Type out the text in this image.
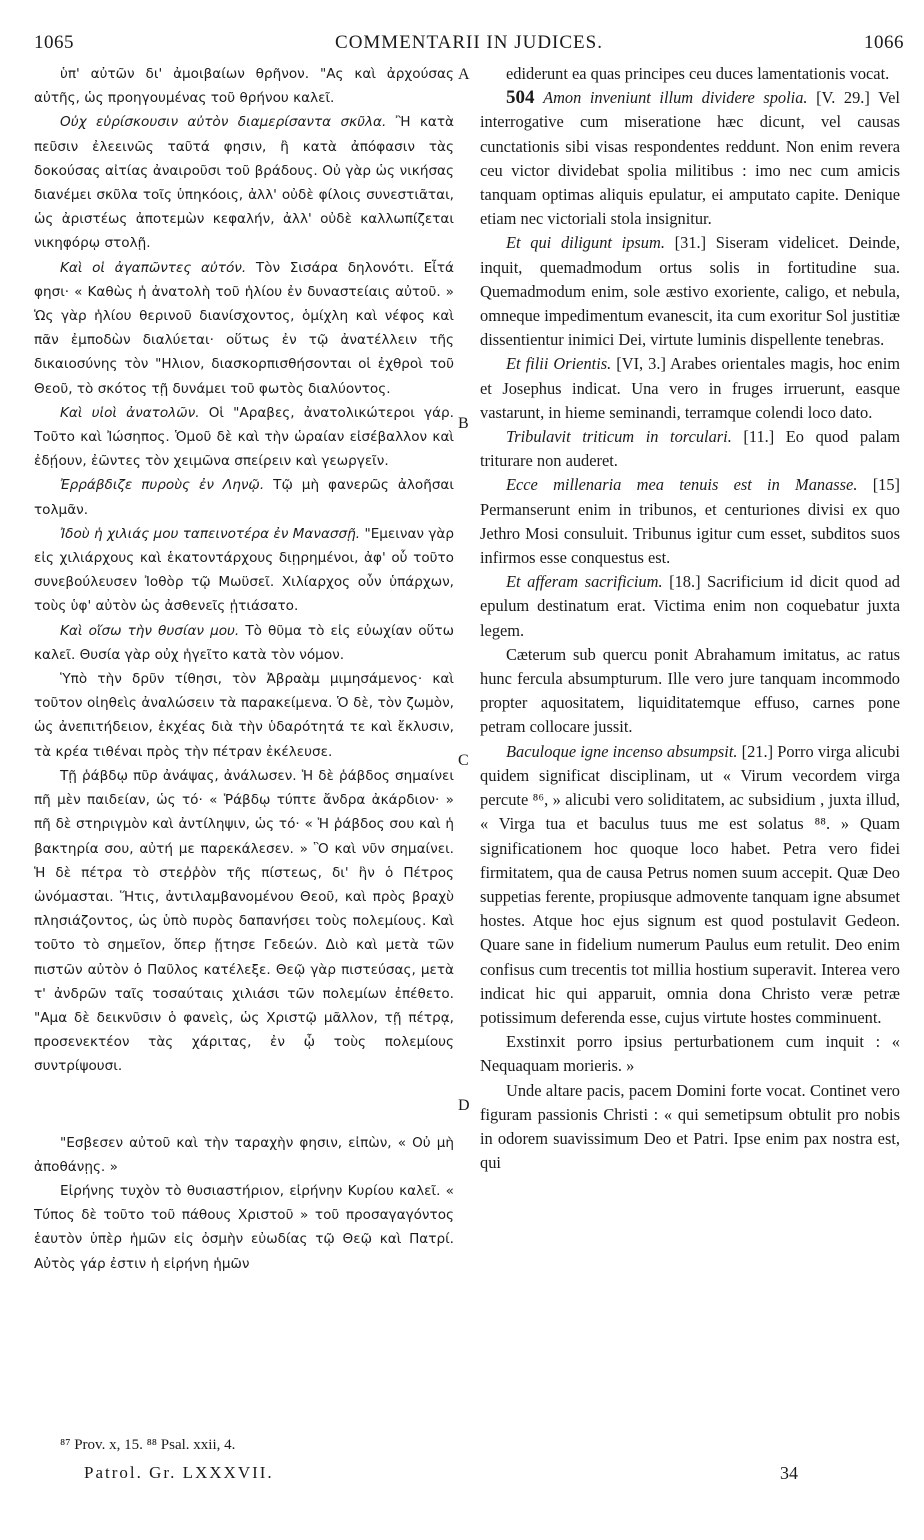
1065	COMMENTARII IN JUDICES.	1066

ὑπ' αὐτῶν δι' ἀμοιβαίων θρῆνον. "Ας καὶ ἀρχούσας αὐτῆς, ὡς προηγουμένας τοῦ θρήνου καλεῖ.

Οὐχ εὑρίσκουσιν αὐτὸν διαμερίσαντα σκῦλα. Ἢ κατὰ πεῦσιν ἐλεεινῶς ταῦτά φησιν, ἢ κατὰ ἀπόφασιν τὰς δοκούσας αἰτίας ἀναιροῦσι τοῦ βράδους. Οὐ γὰρ ὡς νικήσας διανέμει σκῦλα τοῖς ὑπηκόοις, ἀλλ' οὐδὲ φίλοις συνεστιᾶται, ὡς ἀριστέως ἀποτεμὼν κεφαλήν, ἀλλ' οὐδὲ καλλωπίζεται νικηφόρῳ στολῇ.

Καὶ οἱ ἀγαπῶντες αὐτόν. Τὸν Σισάρα δηλονότι. Εἶτά φησι· « Καθὼς ἡ ἀνατολὴ τοῦ ἡλίου ἐν δυναστείαις αὐτοῦ. » Ὡς γὰρ ἡλίου θερινοῦ διανίσχοντος, ὁμίχλη καὶ νέφος καὶ πᾶν ἐμποδὼν διαλύεται· οὕτως ἐν τῷ ἀνατέλλειν τῆς δικαιοσύνης τὸν "Ηλιον, διασκορπισθήσονται οἱ ἐχθροὶ τοῦ Θεοῦ, τὸ σκότος τῇ δυνάμει τοῦ φωτὸς διαλύοντος.

Καὶ υἱοὶ ἀνατολῶν. Οἱ "Αραβες, ἀνατολικώτεροι γάρ. Τοῦτο καὶ Ἰώσηπος. Ὁμοῦ δὲ καὶ τὴν ὡραίαν εἰσέβαλλον καὶ ἐδῄουν, ἐῶντες τὸν χειμῶνα σπείρειν καὶ γεωργεῖν.

Ἐρράβδιζε πυροὺς ἐν Ληνῷ. Τῷ μὴ φανερῶς ἀλοῆσαι τολμᾶν.

Ἰδοὺ ἡ χιλιάς μου ταπεινοτέρα ἐν Μανασσῇ. "Εμειναν γὰρ εἰς χιλιάρχους καὶ ἑκατοντάρχους διῃρημένοι, ἀφ' οὗ τοῦτο συνεβούλευσεν Ἰοθὸρ τῷ Μωϋσεῖ. Χιλίαρχος οὖν ὑπάρχων, τοὺς ὑφ' αὐτὸν ὡς ἀσθενεῖς ᾐτιάσατο.

Καὶ οἴσω τὴν θυσίαν μου. Τὸ θῦμα τὸ εἰς εὐωχίαν οὕτω καλεῖ. Θυσία γὰρ οὐχ ἡγεῖτο κατὰ τὸν νόμον.

Ὑπὸ τὴν δρῦν τίθησι, τὸν Ἀβραὰμ μιμησάμενος· καὶ τοῦτον οἰηθεὶς ἀναλώσειν τὰ παρακείμενα. Ὁ δὲ, τὸν ζωμὸν, ὡς ἀνεπιτήδειον, ἐκχέας διὰ τὴν ὑδαρότητά τε καὶ ἔκλυσιν, τὰ κρέα τιθέναι πρὸς τὴν πέτραν ἐκέλευσε.

Τῇ ῥάβδῳ πῦρ ἀνάψας, ἀνάλωσεν. Ἡ δὲ ῥάβδος σημαίνει πῆ μὲν παιδείαν, ὡς τό· « Ῥάβδῳ τύπτε ἄνδρα ἀκάρδιον· » πῆ δὲ στηριγμὸν καὶ ἀντίληψιν, ὡς τό· « Ἡ ῥάβδος σου καὶ ἡ βακτηρία σου, αὐτή με παρεκάλεσεν. » Ὃ καὶ νῦν σημαίνει. Ἡ δὲ πέτρα τὸ στεῤῥὸν τῆς πίστεως, δι' ἣν ὁ Πέτρος ὠνόμασται. Ἥτις, ἀντιλαμβανομένου Θεοῦ, καὶ πρὸς βραχὺ πλησιάζοντος, ὡς ὑπὸ πυρὸς δαπανήσει τοὺς πολεμίους. Καὶ τοῦτο τὸ σημεῖον, ὅπερ ᾔτησε Γεδεών. Διὸ καὶ μετὰ τῶν πιστῶν αὐτὸν ὁ Παῦλος κατέλεξε. Θεῷ γὰρ πιστεύσας, μετὰ τ' ἀνδρῶν ταῖς τοσαύταις χιλιάσι τῶν πολεμίων ἐπέθετο. "Αμα δὲ δεικνῦσιν ὁ φανεὶς, ὡς Χριστῷ μᾶλλον, τῇ πέτρᾳ, προσενεκτέον τὰς χάριτας, ἐν ᾧ τοὺς πολεμίους συντρίψουσι.

"Εσβεσεν αὐτοῦ καὶ τὴν ταραχὴν φησιν, εἰπὼν, « Οὐ μὴ ἀποθάνῃς. »

Εἰρήνης τυχὸν τὸ θυσιαστήριον, εἰρήνην Κυρίου καλεῖ. « Τύπος δὲ τοῦτο τοῦ πάθους Χριστοῦ » τοῦ προσαγαγόντος ἑαυτὸν ὑπὲρ ἡμῶν εἰς ὀσμὴν εὐωδίας τῷ Θεῷ καὶ Πατρί. Αὐτὸς γάρ ἐστιν ἡ εἰρήνη ἡμῶν

ediderunt ea quas principes ceu duces lamentationis vocat.

504 Amon inveniunt illum dividere spolia. [V. 29.] Vel interrogative cum miseratione hæc dicunt, vel causas cunctationis sibi visas respondentes reddunt. Non enim revera ceu victor dividebat spolia militibus : imo nec cum amicis tanquam optimas aliquis epulatur, ei amputato capite. Denique etiam nec victoriali stola insignitur.

Et qui diligunt ipsum. [31.] Siseram videlicet. Deinde, inquit, quemadmodum ortus solis in fortitudine sua. Quemadmodum enim, sole æstivo exoriente, caligo, et nebula, omneque impedimentum evanescit, ita cum exoritur Sol justitiæ dissentientur inimici Dei, virtute luminis dispellente tenebras.

Et filii Orientis. [VI, 3.] Arabes orientales magis, hoc enim et Josephus indicat. Una vero in fruges irruerunt, easque vastarunt, in hieme seminandi, terramque colendi loco dato.

Tribulavit triticum in torculari. [11.] Eo quod palam triturare non auderet.

Ecce millenaria mea tenuis est in Manasse. [15] Permanserunt enim in tribunos, et centuriones divisi ex quo Jethro Mosi consuluit. Tribunus igitur cum esset, subditos suos infirmos esse conquestus est.

Et afferam sacrificium. [18.] Sacrificium id dicit quod ad epulum destinatum erat. Victima enim non coquebatur juxta legem.

Cæterum sub quercu ponit Abrahamum imitatus, ac ratus hunc fercula absumpturum. Ille vero jure tanquam incommodo propter aquositatem, liquiditatemque effuso, carnes pone petram collocare jussit.

Baculoque igne incenso absumpsit. [21.] Porro virga alicubi quidem significat disciplinam, ut « Virum vecordem virga percute ⁸⁶, » alicubi vero soliditatem, ac subsidium , juxta illud, « Virga tua et baculus tuus me est solatus ⁸⁸. » Quam significationem hoc quoque loco habet. Petra vero fidei firmitatem, qua de causa Petrus nomen suum accepit. Quæ Deo suppetias ferente, propiusque admovente tanquam igne absumet hostes. Atque hoc ejus signum est quod postulavit Gedeon. Quare sane in fidelium numerum Paulus eum retulit. Deo enim confisus cum trecentis tot millia hostium superavit. Interea vero indicat hic qui apparuit, omnia dona Christo veræ petræ potissimum deferenda esse, cujus virtute hostes comminuent.

Exstinxit porro ipsius perturbationem cum inquit : « Nequaquam morieris. »

Unde altare pacis, pacem Domini forte vocat. Continet vero figuram passionis Christi : « qui semetipsum obtulit pro nobis in odorem suavissimum Deo et Patri. Ipse enim pax nostra est, qui

A
B
C
D
⁸⁷ Prov. x, 15. ⁸⁸ Psal. xxii, 4.
Patrol. Gr. LXXXVII.	34
